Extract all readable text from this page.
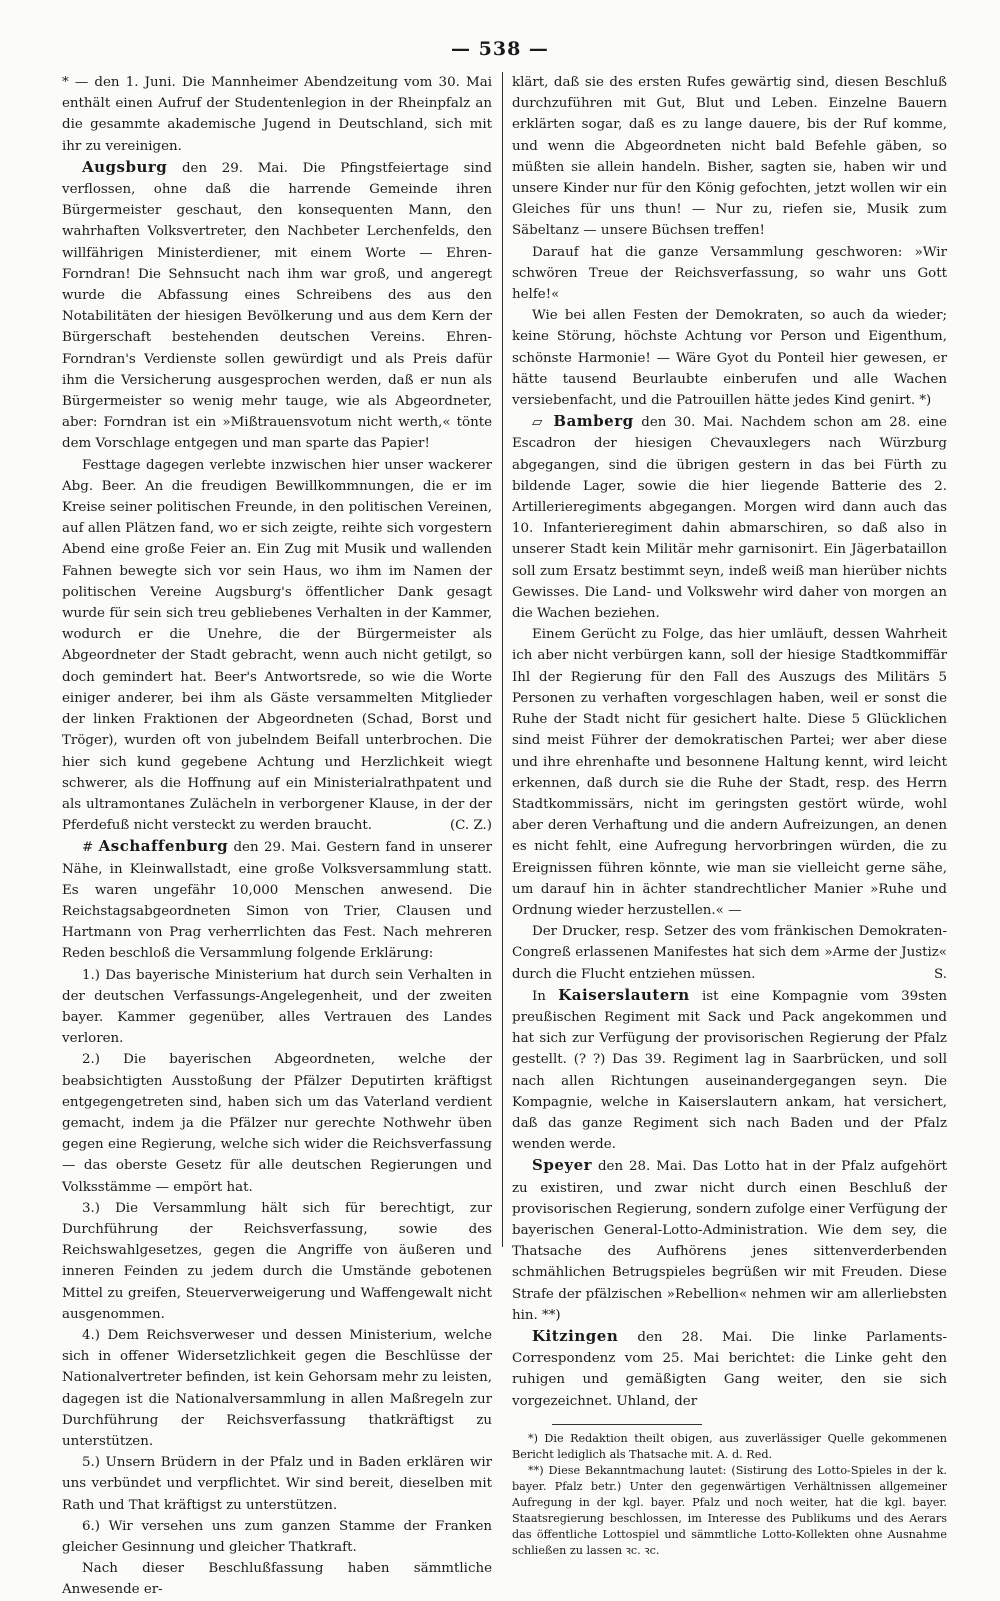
— 538 —

* — den 1. Juni. Die Mannheimer Abendzeitung vom 30. Mai enthält einen Aufruf der Studentenlegion in der Rheinpfalz an die gesammte akademische Jugend in Deutschland, sich mit ihr zu vereinigen.

Augsburg den 29. Mai. Die Pfingstfeiertage sind verflossen, ohne daß die harrende Gemeinde ihren Bürgermeister geschaut, den konsequenten Mann, den wahrhaften Volksvertreter, den Nachbeter Lerchenfelds, den willfährigen Ministerdiener, mit einem Worte — Ehren-Forndran! Die Sehnsucht nach ihm war groß, und angeregt wurde die Abfassung eines Schreibens des aus den Notabilitäten der hiesigen Bevölkerung und aus dem Kern der Bürgerschaft bestehenden deutschen Vereins. Ehren-Forndran's Verdienste sollen gewürdigt und als Preis dafür ihm die Versicherung ausgesprochen werden, daß er nun als Bürgermeister so wenig mehr tauge, wie als Abgeordneter, aber: Forndran ist ein »Mißtrauensvotum nicht werth,« tönte dem Vorschlage entgegen und man sparte das Papier!

Festtage dagegen verlebte inzwischen hier unser wackerer Abg. Beer. An die freudigen Bewillkommnungen, die er im Kreise seiner politischen Freunde, in den politischen Vereinen, auf allen Plätzen fand, wo er sich zeigte, reihte sich vorgestern Abend eine große Feier an. Ein Zug mit Musik und wallenden Fahnen bewegte sich vor sein Haus, wo ihm im Namen der politischen Vereine Augsburg's öffentlicher Dank gesagt wurde für sein sich treu gebliebenes Verhalten in der Kammer, wodurch er die Unehre, die der Bürgermeister als Abgeordneter der Stadt gebracht, wenn auch nicht getilgt, so doch gemindert hat. Beer's Antwortsrede, so wie die Worte einiger anderer, bei ihm als Gäste versammelten Mitglieder der linken Fraktionen der Abgeordneten (Schad, Borst und Tröger), wurden oft von jubelndem Beifall unterbrochen. Die hier sich kund gegebene Achtung und Herzlichkeit wiegt schwerer, als die Hoffnung auf ein Ministerialrathpatent und als ultramontanes Zulächeln in verborgener Klause, in der der Pferdefuß nicht versteckt zu werden braucht.	(C. Z.)

# Aschaffenburg den 29. Mai. Gestern fand in unserer Nähe, in Kleinwallstadt, eine große Volksversammlung statt. Es waren ungefähr 10,000 Menschen anwesend. Die Reichstagsabgeordneten Simon von Trier, Clausen und Hartmann von Prag verherrlichten das Fest. Nach mehreren Reden beschloß die Versammlung folgende Erklärung:

1.) Das bayerische Ministerium hat durch sein Verhalten in der deutschen Verfassungs-Angelegenheit, und der zweiten bayer. Kammer gegenüber, alles Vertrauen des Landes verloren.

2.) Die bayerischen Abgeordneten, welche der beabsichtigten Ausstoßung der Pfälzer Deputirten kräftigst entgegengetreten sind, haben sich um das Vaterland verdient gemacht, indem ja die Pfälzer nur gerechte Nothwehr üben gegen eine Regierung, welche sich wider die Reichsverfassung — das oberste Gesetz für alle deutschen Regierungen und Volksstämme — empört hat.

3.) Die Versammlung hält sich für berechtigt, zur Durchführung der Reichsverfassung, sowie des Reichswahlgesetzes, gegen die Angriffe von äußeren und inneren Feinden zu jedem durch die Umstände gebotenen Mittel zu greifen, Steuerverweigerung und Waffengewalt nicht ausgenommen.

4.) Dem Reichsverweser und dessen Ministerium, welche sich in offener Widersetzlichkeit gegen die Beschlüsse der Nationalvertreter befinden, ist kein Gehorsam mehr zu leisten, dagegen ist die Nationalversammlung in allen Maßregeln zur Durchführung der Reichsverfassung thatkräftigst zu unterstützen.

5.) Unsern Brüdern in der Pfalz und in Baden erklären wir uns verbündet und verpflichtet. Wir sind bereit, dieselben mit Rath und That kräftigst zu unterstützen.

6.) Wir versehen uns zum ganzen Stamme der Franken gleicher Gesinnung und gleicher Thatkraft.

Nach dieser Beschlußfassung haben sämmtliche Anwesende er-

klärt, daß sie des ersten Rufes gewärtig sind, diesen Beschluß durchzuführen mit Gut, Blut und Leben. Einzelne Bauern erklärten sogar, daß es zu lange dauere, bis der Ruf komme, und wenn die Abgeordneten nicht bald Befehle gäben, so müßten sie allein handeln. Bisher, sagten sie, haben wir und unsere Kinder nur für den König gefochten, jetzt wollen wir ein Gleiches für uns thun! — Nur zu, riefen sie, Musik zum Säbeltanz — unsere Büchsen treffen!

Darauf hat die ganze Versammlung geschworen: »Wir schwören Treue der Reichsverfassung, so wahr uns Gott helfe!«

Wie bei allen Festen der Demokraten, so auch da wieder; keine Störung, höchste Achtung vor Person und Eigenthum, schönste Harmonie! — Wäre Gyot du Ponteil hier gewesen, er hätte tausend Beurlaubte einberufen und alle Wachen versiebenfacht, und die Patrouillen hätte jedes Kind genirt. *)

▱ Bamberg den 30. Mai. Nachdem schon am 28. eine Escadron der hiesigen Chevauxlegers nach Würzburg abgegangen, sind die übrigen gestern in das bei Fürth zu bildende Lager, sowie die hier liegende Batterie des 2. Artillerieregiments abgegangen. Morgen wird dann auch das 10. Infanterieregiment dahin abmarschiren, so daß also in unserer Stadt kein Militär mehr garnisonirt. Ein Jägerbataillon soll zum Ersatz bestimmt seyn, indeß weiß man hierüber nichts Gewisses. Die Land- und Volkswehr wird daher von morgen an die Wachen beziehen.

Einem Gerücht zu Folge, das hier umläuft, dessen Wahrheit ich aber nicht verbürgen kann, soll der hiesige Stadtkommiffär Ihl der Regierung für den Fall des Auszugs des Militärs 5 Personen zu verhaften vorgeschlagen haben, weil er sonst die Ruhe der Stadt nicht für gesichert halte. Diese 5 Glücklichen sind meist Führer der demokratischen Partei; wer aber diese und ihre ehrenhafte und besonnene Haltung kennt, wird leicht erkennen, daß durch sie die Ruhe der Stadt, resp. des Herrn Stadtkommissärs, nicht im geringsten gestört würde, wohl aber deren Verhaftung und die andern Aufreizungen, an denen es nicht fehlt, eine Aufregung hervorbringen würden, die zu Ereignissen führen könnte, wie man sie vielleicht gerne sähe, um darauf hin in ächter standrechtlicher Manier »Ruhe und Ordnung wieder herzustellen.« —

Der Drucker, resp. Setzer des vom fränkischen Demokraten-Congreß erlassenen Manifestes hat sich dem »Arme der Justiz« durch die Flucht entziehen müssen.	S.

In Kaiserslautern ist eine Kompagnie vom 39sten preußischen Regiment mit Sack und Pack angekommen und hat sich zur Verfügung der provisorischen Regierung der Pfalz gestellt. (? ?) Das 39. Regiment lag in Saarbrücken, und soll nach allen Richtungen auseinandergegangen seyn. Die Kompagnie, welche in Kaiserslautern ankam, hat versichert, daß das ganze Regiment sich nach Baden und der Pfalz wenden werde.

Speyer den 28. Mai. Das Lotto hat in der Pfalz aufgehört zu existiren, und zwar nicht durch einen Beschluß der provisorischen Regierung, sondern zufolge einer Verfügung der bayerischen General-Lotto-Administration. Wie dem sey, die Thatsache des Aufhörens jenes sittenverderbenden schmählichen Betrugspieles begrüßen wir mit Freuden. Diese Strafe der pfälzischen »Rebellion« nehmen wir am allerliebsten hin. **)

Kitzingen den 28. Mai. Die linke Parlaments-Correspondenz vom 25. Mai berichtet: die Linke geht den ruhigen und gemäßigten Gang weiter, den sie sich vorgezeichnet. Uhland, der

*) Die Redaktion theilt obigen, aus zuverlässiger Quelle gekommenen Bericht lediglich als Thatsache mit. A. d. Red.

**) Diese Bekanntmachung lautet: (Sistirung des Lotto-Spieles in der k. bayer. Pfalz betr.) Unter den gegenwärtigen Verhältnissen allgemeiner Aufregung in der kgl. bayer. Pfalz und noch weiter, hat die kgl. bayer. Staatsregierung beschlossen, im Interesse des Publikums und des Aerars das öffentliche Lottospiel und sämmtliche Lotto-Kollekten ohne Ausnahme schließen zu lassen ꝛc. ꝛc.
